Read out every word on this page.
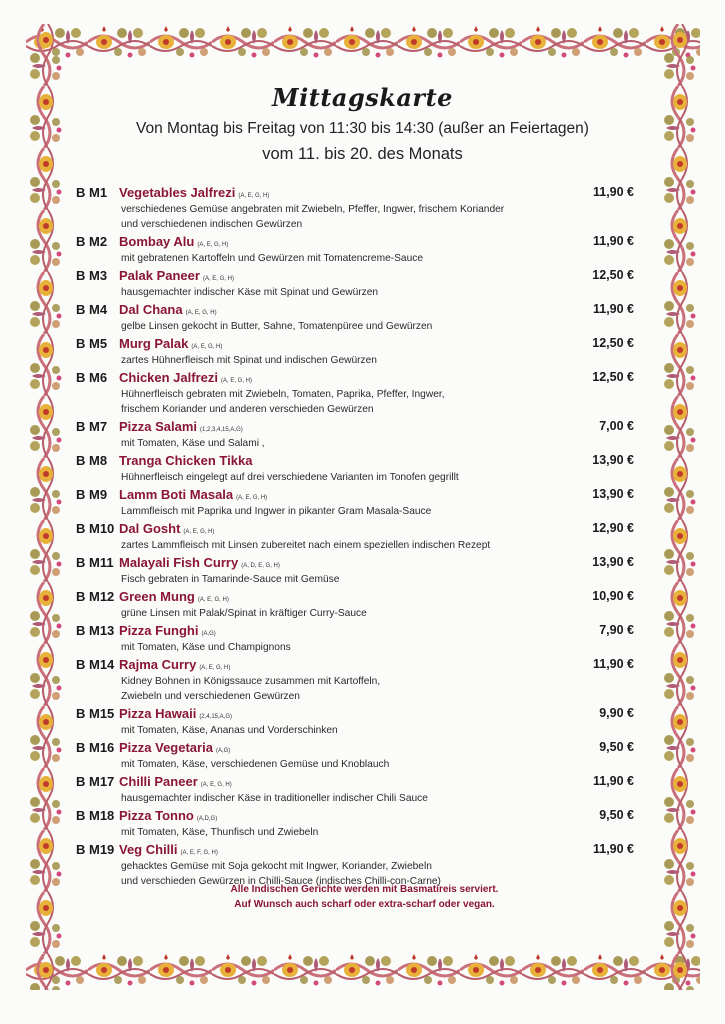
Mittagskarte
Von Montag bis Freitag von 11:30 bis 14:30 (außer an Feiertagen)
vom 11. bis 20. des Monats
B M1 Vegetables Jalfrezi (A, E, G, H)	11,90 €
verschiedenes Gemüse angebraten mit Zwiebeln, Pfeffer, Ingwer, frischem Koriander
und verschiedenen indischen Gewürzen
B M2 Bombay Alu (A, E, G, H)	11,90 €
mit gebratenen Kartoffeln und Gewürzen mit Tomatencreme-Sauce
B M3 Palak Paneer (A, E, G, H)	12,50 €
hausgemachter indischer Käse mit Spinat und Gewürzen
B M4 Dal Chana (A, E, G, H)	11,90 €
gelbe Linsen gekocht in Butter, Sahne, Tomatenpüree und Gewürzen
B M5 Murg Palak (A, E, G, H)	12,50 €
zartes Hühnerfleisch mit Spinat und indischen Gewürzen
B M6 Chicken Jalfrezi (A, E, G, H)	12,50 €
Hühnerfleisch gebraten mit Zwiebeln, Tomaten, Paprika, Pfeffer, Ingwer,
frischem Koriander und anderen verschieden Gewürzen
B M7 Pizza Salami (1,2,3,4,15,A,G)	7,00 €
mit Tomaten, Käse und Salami ,
B M8 Tranga Chicken Tikka	13,90 €
Hühnerfleisch eingelegt auf drei verschiedene Varianten im Tonofen gegrillt
B M9 Lamm Boti Masala (A, E, G, H)	13,90 €
Lammfleisch mit Paprika und Ingwer in pikanter Gram Masala-Sauce
B M10 Dal Gosht (A, E, G, H)	12,90 €
zartes Lammfleisch mit Linsen zubereitet nach einem speziellen indischen Rezept
B M11 Malayali Fish Curry (A, D, E, G, H)	13,90 €
Fisch gebraten in Tamarinde-Sauce mit Gemüse
B M12 Green Mung (A, E, G, H)	10,90 €
grüne Linsen mit Palak/Spinat in kräftiger Curry-Sauce
B M13 Pizza Funghi (A,G)	7,90 €
mit Tomaten, Käse und Champignons
B M14 Rajma Curry (A, E, G, H)	11,90 €
Kidney Bohnen in Königssauce zusammen mit Kartoffeln,
Zwiebeln und verschiedenen Gewürzen
B M15 Pizza Hawaii (2,4,15,A,G)	9,90 €
mit Tomaten, Käse, Ananas und Vorderschinken
B M16 Pizza Vegetaria (A,G)	9,50 €
mit Tomaten, Käse, verschiedenen Gemüse und Knoblauch
B M17 Chilli Paneer (A, E, G, H)	11,90 €
hausgemachter indischer Käse in traditioneller indischer Chili Sauce
B M18 Pizza Tonno (A,D,G)	9,50 €
mit Tomaten, Käse, Thunfisch und Zwiebeln
B M19 Veg Chilli (A, E, F, G, H)	11,90 €
gehacktes Gemüse mit Soja gekocht mit Ingwer, Koriander, Zwiebeln
und verschieden Gewürzen in Chilli-Sauce (indisches Chilli-con-Carne)
Alle Indischen Gerichte werden mit Basmatireis serviert.
Auf Wunsch auch scharf oder extra-scharf oder vegan.
